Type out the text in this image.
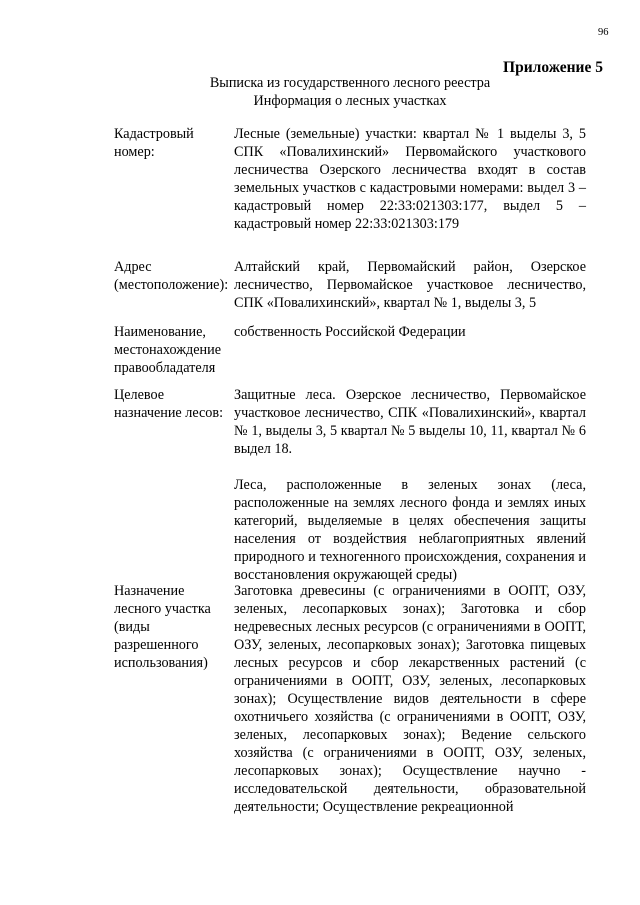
96
Приложение 5
Выписка из государственного лесного реестра
Информация о лесных участках
Кадастровый
номер:

Лесные (земельные) участки: квартал № 1 выделы 3, 5 СПК «Повалихинский» Первомайского участкового лесничества Озерского лесничества входят в состав земельных участков с кадастровыми номерами: выдел 3 – кадастровый номер 22:33:021303:177, выдел 5 – кадастровый номер 22:33:021303:179

Адрес
(местоположение):

Алтайский край, Первомайский район, Озерское лесничество, Первомайское участковое лесничество, СПК «Повалихинский», квартал № 1, выделы 3, 5

Наименование,
местонахождение
правообладателя

собственность Российской Федерации

Целевое
назначение лесов:

Защитные леса. Озерское лесничество, Первомайское участковое лесничество, СПК «Повалихинский», квартал № 1, выделы 3, 5 квартал № 5 выделы 10, 11, квартал № 6 выдел 18.

Леса, расположенные в зеленых зонах (леса, расположенные на землях лесного фонда и землях иных категорий, выделяемые в целях обеспечения защиты населения от воздействия неблагоприятных явлений природного и техногенного происхождения, сохранения и восстановления окружающей среды)

Назначение
лесного участка
(виды
разрешенного
использования)

Заготовка древесины (с ограничениями в ООПТ, ОЗУ, зеленых, лесопарковых зонах); Заготовка и сбор недревесных лесных ресурсов (с ограничениями в ООПТ, ОЗУ, зеленых, лесопарковых зонах); Заготовка пищевых лесных ресурсов и сбор лекарственных растений (с ограничениями в ООПТ, ОЗУ, зеленых, лесопарковых зонах); Осуществление видов деятельности в сфере охотничьего хозяйства (с ограничениями в ООПТ, ОЗУ, зеленых, лесопарковых зонах); Ведение сельского хозяйства (с ограничениями в ООПТ, ОЗУ, зеленых, лесопарковых зонах); Осуществление научно - исследовательской деятельности, образовательной деятельности; Осуществление рекреационной
